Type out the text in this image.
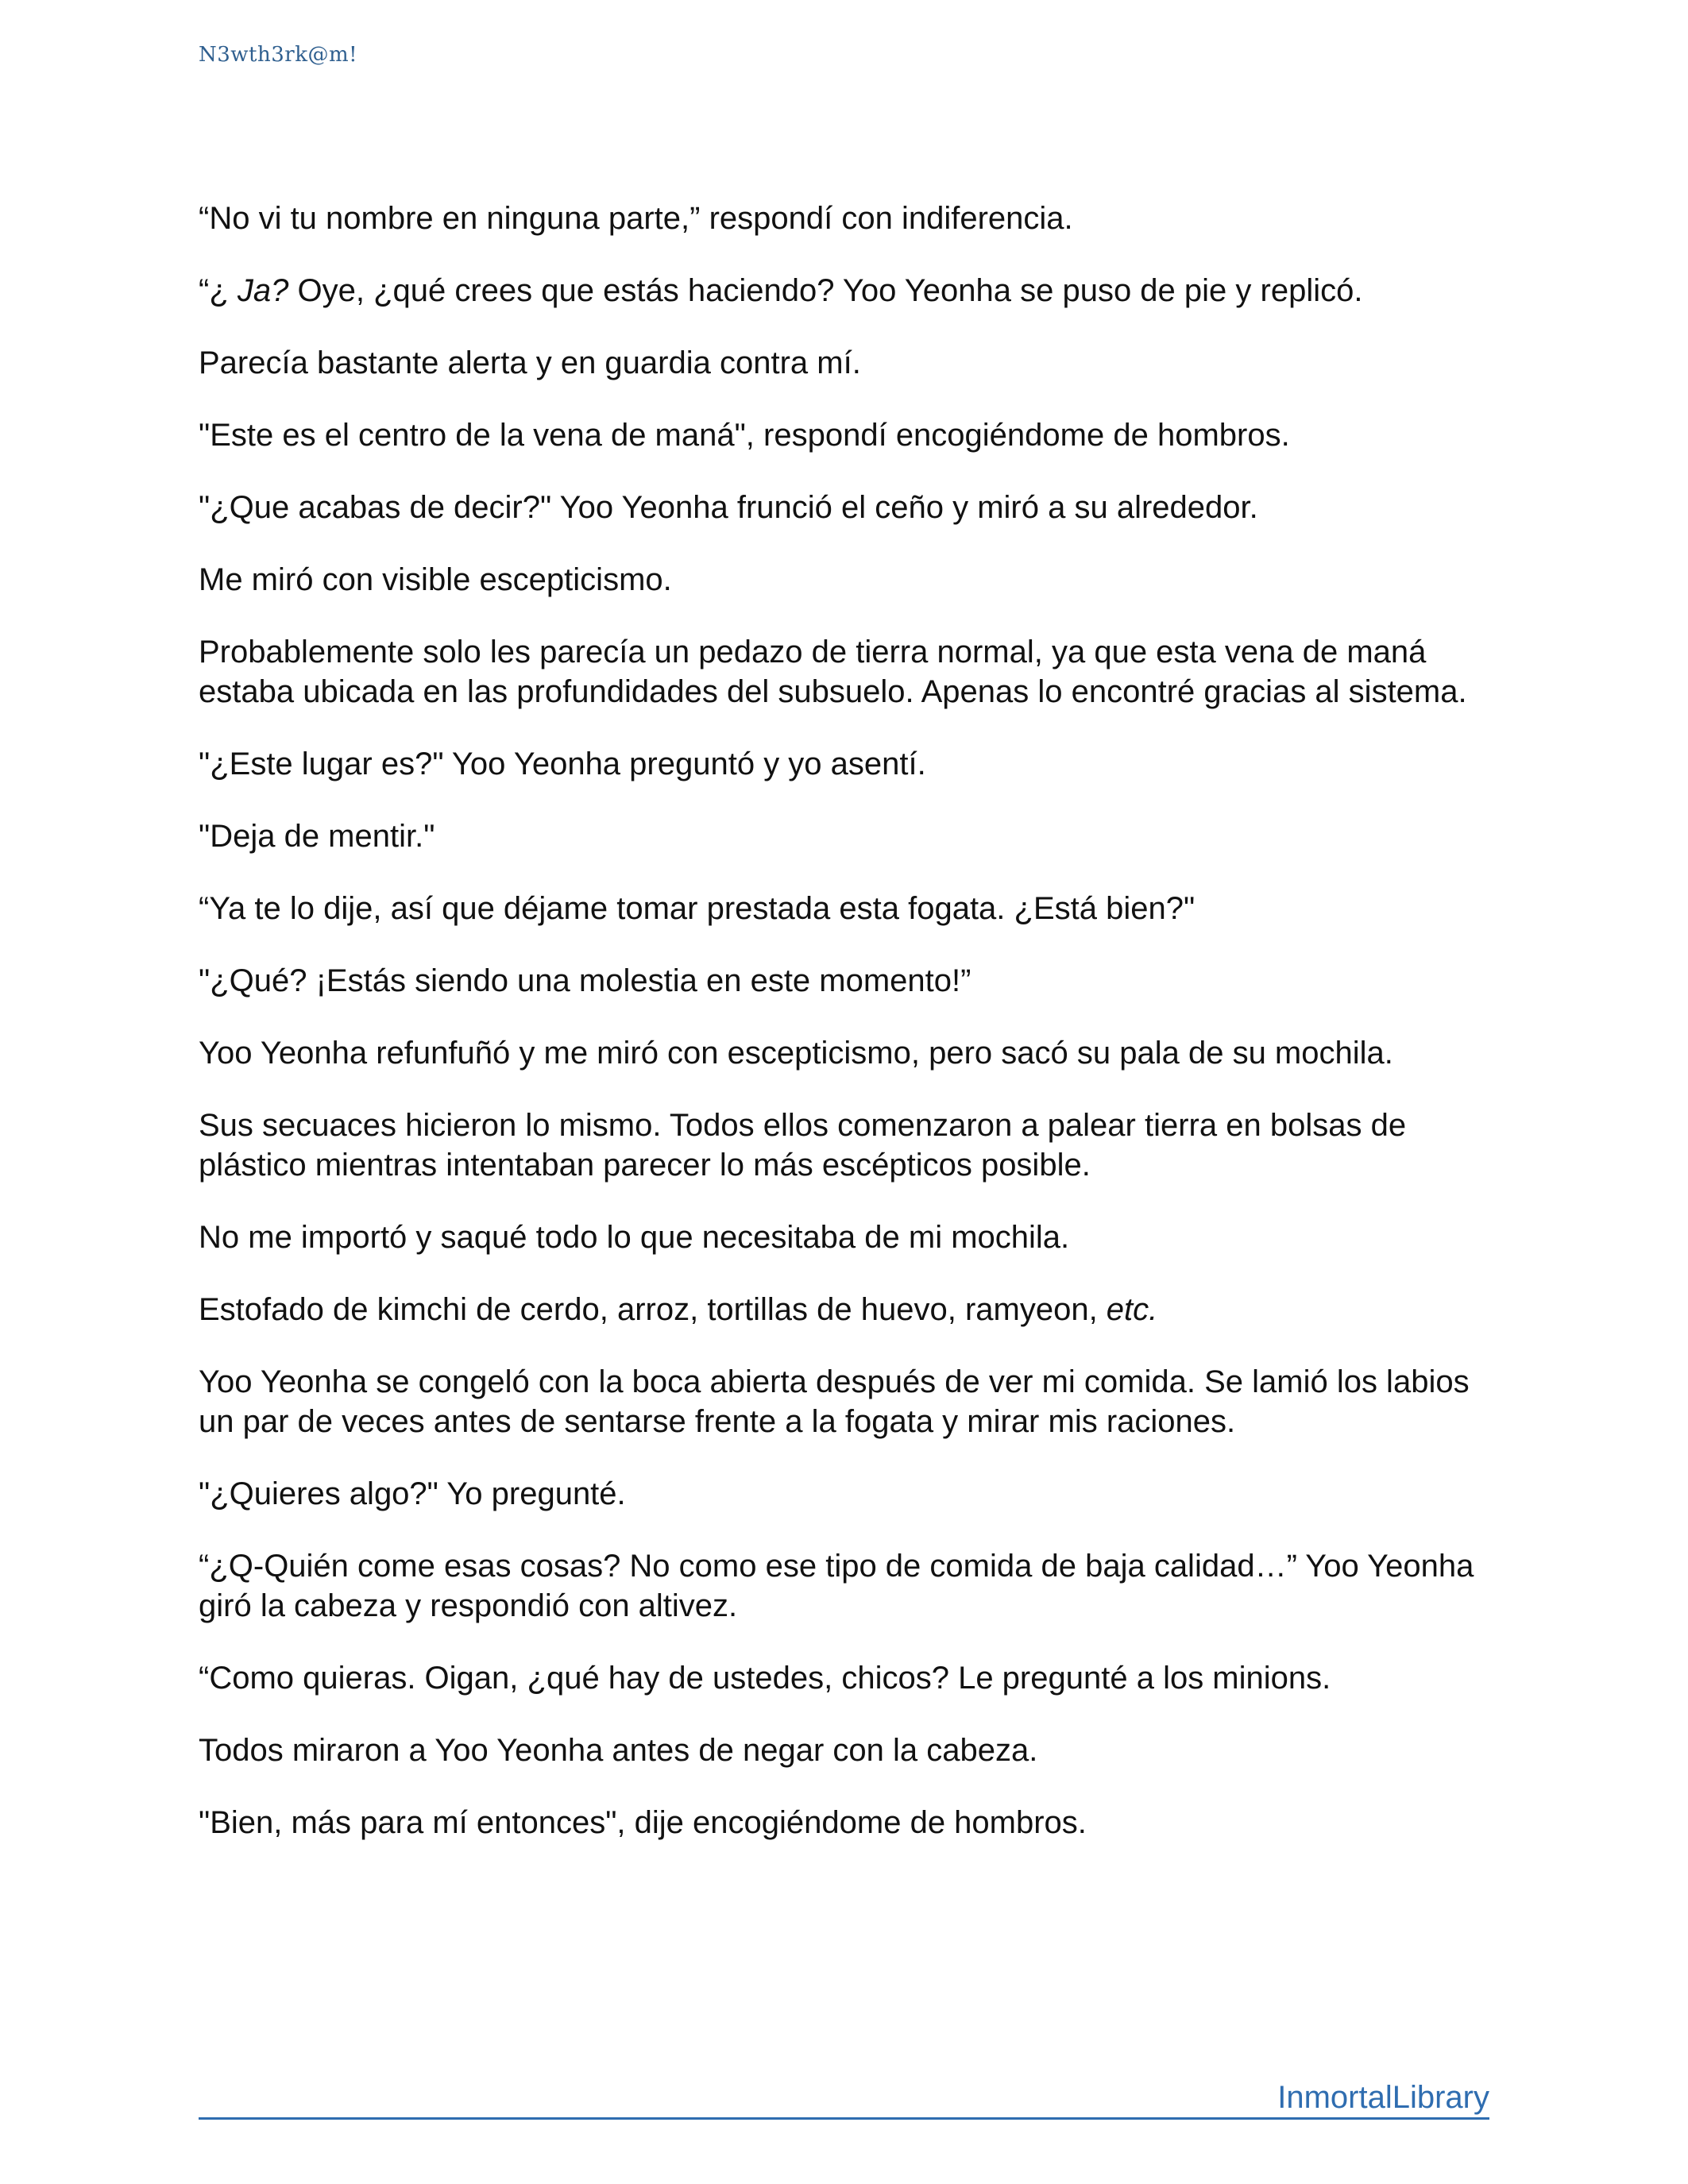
N3wth3rk@m!

“No vi tu nombre en ninguna parte,” respondí con indiferencia.

“¿ Ja? Oye, ¿qué crees que estás haciendo? Yoo Yeonha se puso de pie y replicó.

Parecía bastante alerta y en guardia contra mí.

"Este es el centro de la vena de maná", respondí encogiéndome de hombros.

"¿Que acabas de decir?" Yoo Yeonha frunció el ceño y miró a su alrededor.

Me miró con visible escepticismo.

Probablemente solo les parecía un pedazo de tierra normal, ya que esta vena de maná estaba ubicada en las profundidades del subsuelo. Apenas lo encontré gracias al sistema.

"¿Este lugar es?" Yoo Yeonha preguntó y yo asentí.

"Deja de mentir."

“Ya te lo dije, así que déjame tomar prestada esta fogata. ¿Está bien?"

"¿Qué? ¡Estás siendo una molestia en este momento!”

Yoo Yeonha refunfuñó y me miró con escepticismo, pero sacó su pala de su mochila.

Sus secuaces hicieron lo mismo. Todos ellos comenzaron a palear tierra en bolsas de plástico mientras intentaban parecer lo más escépticos posible.

No me importó y saqué todo lo que necesitaba de mi mochila.

Estofado de kimchi de cerdo, arroz, tortillas de huevo, ramyeon, etc.

Yoo Yeonha se congeló con la boca abierta después de ver mi comida. Se lamió los labios un par de veces antes de sentarse frente a la fogata y mirar mis raciones.

"¿Quieres algo?" Yo pregunté.

“¿Q-Quién come esas cosas? No como ese tipo de comida de baja calidad…” Yoo Yeonha giró la cabeza y respondió con altivez.

“Como quieras. Oigan, ¿qué hay de ustedes, chicos? Le pregunté a los minions.

Todos miraron a Yoo Yeonha antes de negar con la cabeza.

"Bien, más para mí entonces", dije encogiéndome de hombros.

InmortalLibrary
